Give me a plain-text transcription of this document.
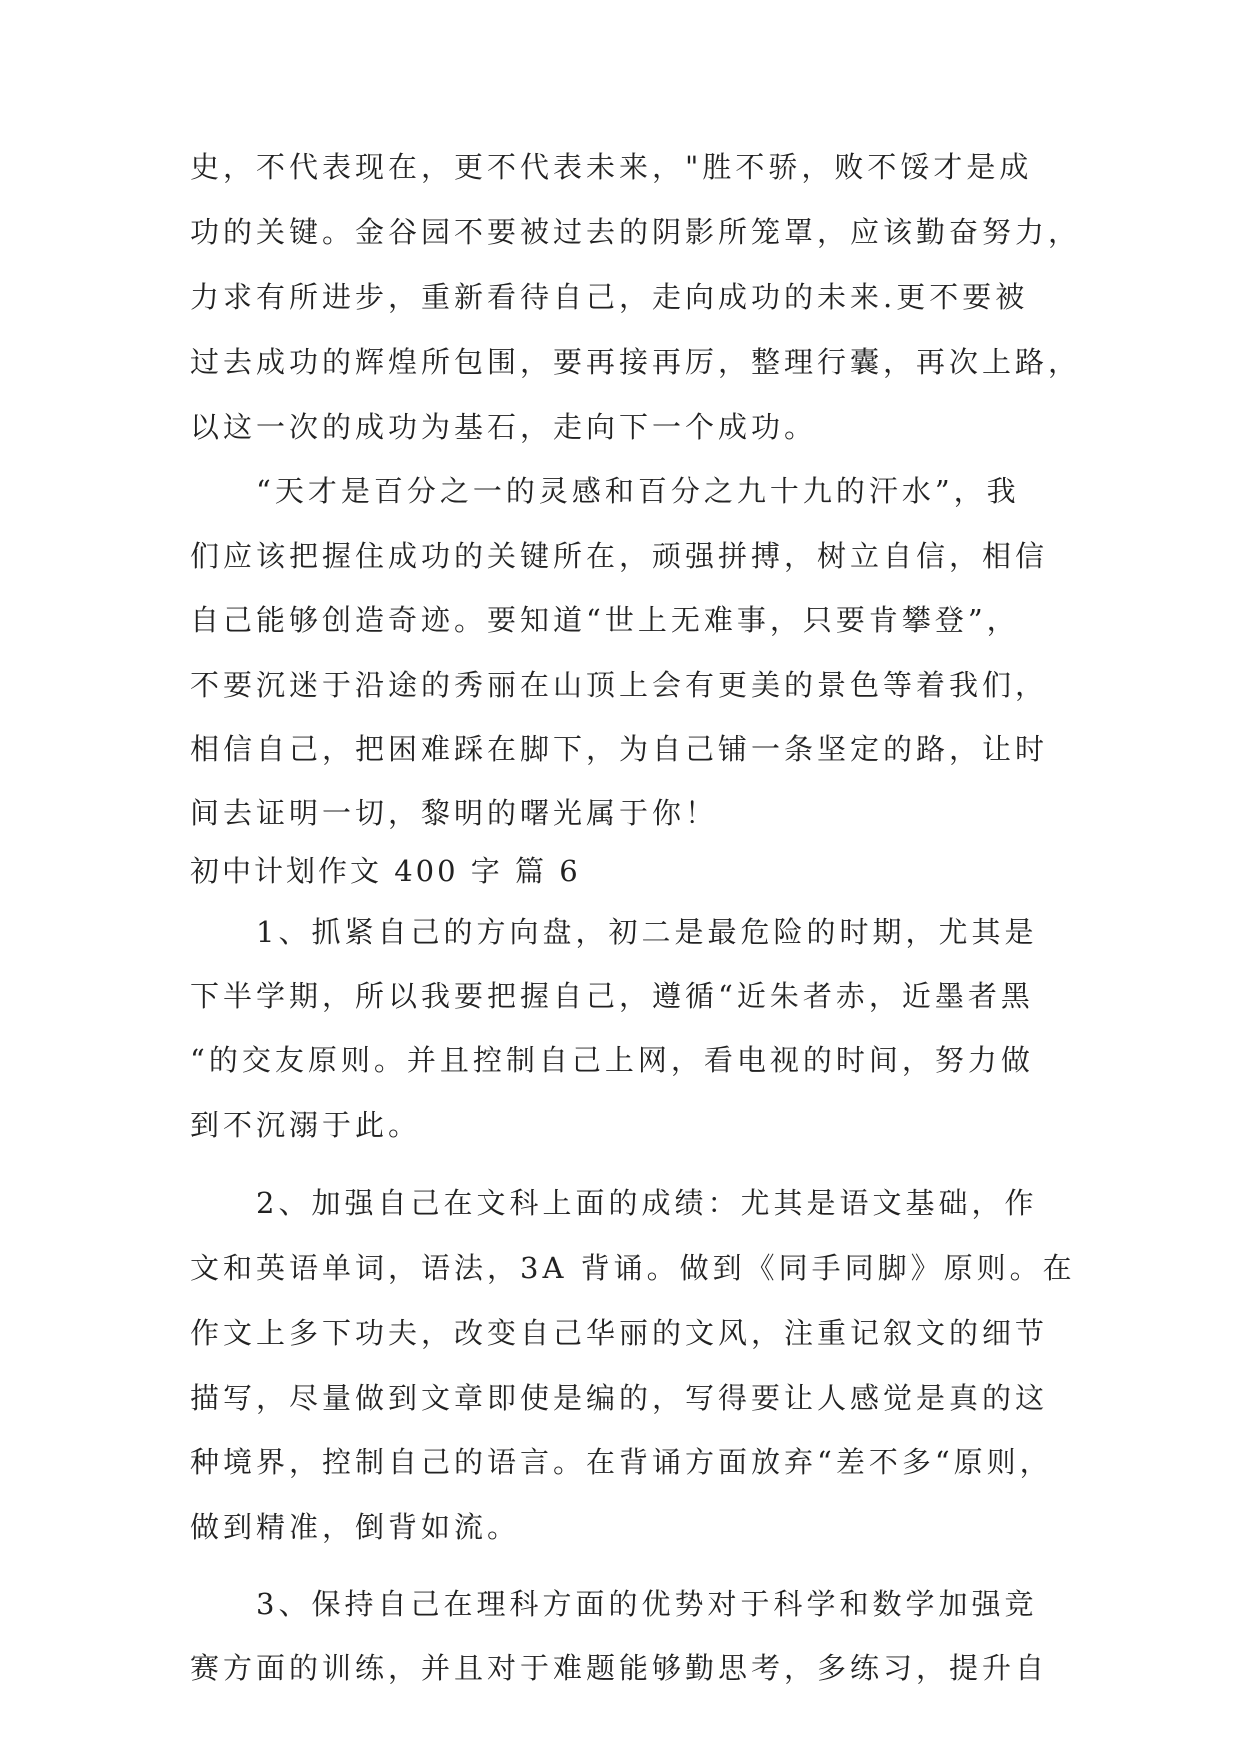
史，不代表现在，更不代表未来，"胜不骄，败不馁才是成
功的关键。金谷园不要被过去的阴影所笼罩，应该勤奋努力，
力求有所进步，重新看待自己，走向成功的未来.更不要被
过去成功的辉煌所包围，要再接再厉，整理行囊，再次上路，
以这一次的成功为基石，走向下一个成功。
　　“天才是百分之一的灵感和百分之九十九的汗水”，我
们应该把握住成功的关键所在，顽强拼搏，树立自信，相信
自己能够创造奇迹。要知道“世上无难事，只要肯攀登”，
不要沉迷于沿途的秀丽在山顶上会有更美的景色等着我们，
相信自己，把困难踩在脚下，为自己铺一条坚定的路，让时
间去证明一切，黎明的曙光属于你！
初中计划作文 400 字 篇 6
　　1、抓紧自己的方向盘，初二是最危险的时期，尤其是
下半学期，所以我要把握自己，遵循“近朱者赤，近墨者黑
“的交友原则。并且控制自己上网，看电视的时间，努力做
到不沉溺于此。
　　2、加强自己在文科上面的成绩：尤其是语文基础，作
文和英语单词，语法，3A 背诵。做到《同手同脚》原则。在
作文上多下功夫，改变自己华丽的文风，注重记叙文的细节
描写，尽量做到文章即使是编的，写得要让人感觉是真的这
种境界，控制自己的语言。在背诵方面放弃“差不多“原则，
做到精准，倒背如流。
　　3、保持自己在理科方面的优势对于科学和数学加强竞
赛方面的训练，并且对于难题能够勤思考，多练习，提升自
